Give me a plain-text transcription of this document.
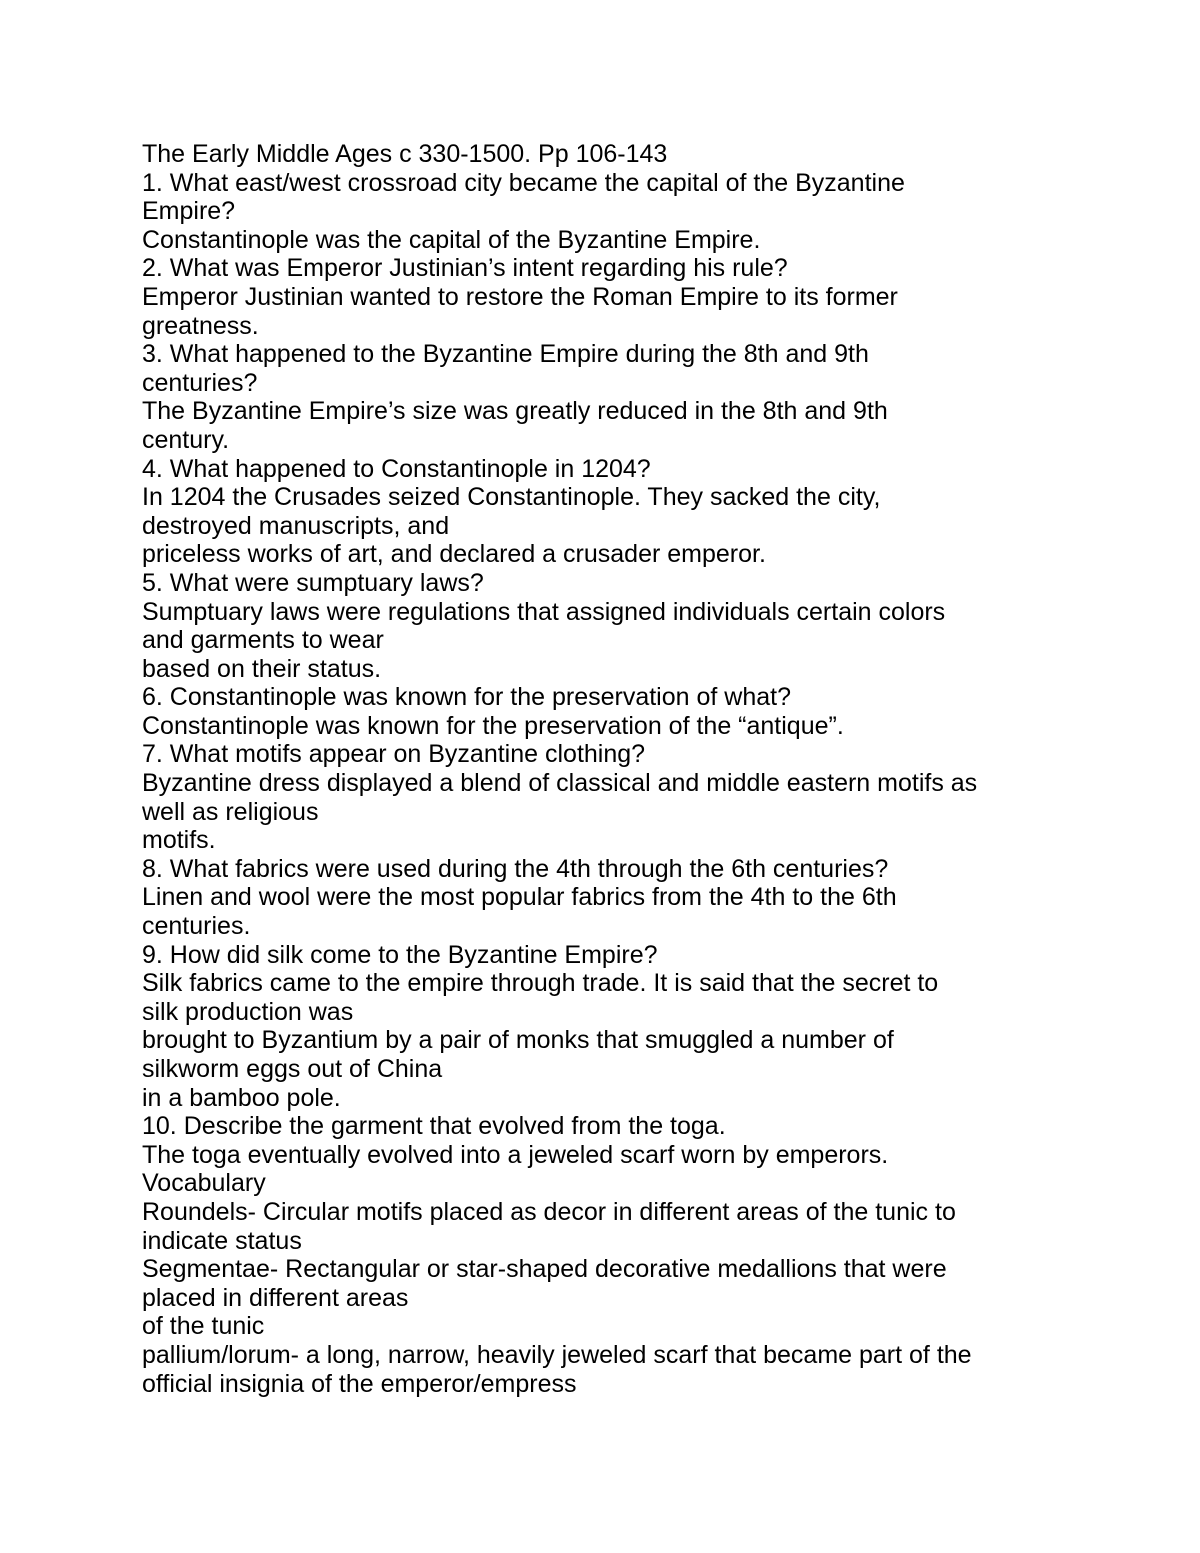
The Early Middle Ages c 330-1500. Pp 106-143
1. What east/west crossroad city became the capital of the Byzantine
Empire?
Constantinople was the capital of the Byzantine Empire.
2. What was Emperor Justinian’s intent regarding his rule?
Emperor Justinian wanted to restore the Roman Empire to its former
greatness.
3. What happened to the Byzantine Empire during the 8th and 9th
centuries?
The Byzantine Empire’s size was greatly reduced in the 8th and 9th
century.
4. What happened to Constantinople in 1204?
In 1204 the Crusades seized Constantinople. They sacked the city,
destroyed manuscripts, and
priceless works of art, and declared a crusader emperor.
5. What were sumptuary laws?
Sumptuary laws were regulations that assigned individuals certain colors
and garments to wear
based on their status.
6. Constantinople was known for the preservation of what?
Constantinople was known for the preservation of the “antique”.
7. What motifs appear on Byzantine clothing?
Byzantine dress displayed a blend of classical and middle eastern motifs as
well as religious
motifs.
8. What fabrics were used during the 4th through the 6th centuries?
Linen and wool were the most popular fabrics from the 4th to the 6th
centuries.
9. How did silk come to the Byzantine Empire?
Silk fabrics came to the empire through trade. It is said that the secret to
silk production was
brought to Byzantium by a pair of monks that smuggled a number of
silkworm eggs out of China
in a bamboo pole.
10. Describe the garment that evolved from the toga.
The toga eventually evolved into a jeweled scarf worn by emperors.
Vocabulary
Roundels- Circular motifs placed as decor in different areas of the tunic to
indicate status
Segmentae- Rectangular or star-shaped decorative medallions that were
placed in different areas
of the tunic
pallium/lorum- a long, narrow, heavily jeweled scarf that became part of the
official insignia of the emperor/empress
